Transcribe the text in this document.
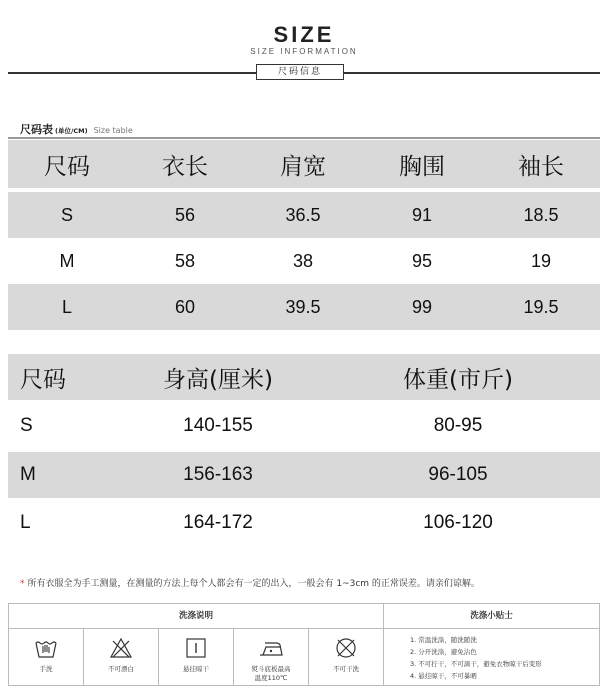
SIZE
SIZE INFORMATION
尺码信息
尺码表 (单位/CM) Size table
尺码	衣长	肩宽	胸围	袖长

S	56	36.5	91	18.5
M	58	38	95	19
L	60	39.5	99	19.5
尺码	身高(厘米)	体重(市斤)
S	140-155	80-95
M	156-163	96-105
L	164-172	106-120
* 所有衣服全为手工测量，在测量的方法上每个人都会有一定的出入，一般会有 1~3cm 的正常误差。请亲们谅解。
洗涤说明
手洗	不可漂白	悬挂晾干	熨斗底板最高
温度110℃
不可干洗
洗涤小贴士
1. 常温洗涤，随洗随洗
2. 分开洗涤，避免沾色
3. 不可拧干，不可滴干，避免衣物晾干后变形
4. 悬挂晾干，不可暴晒
